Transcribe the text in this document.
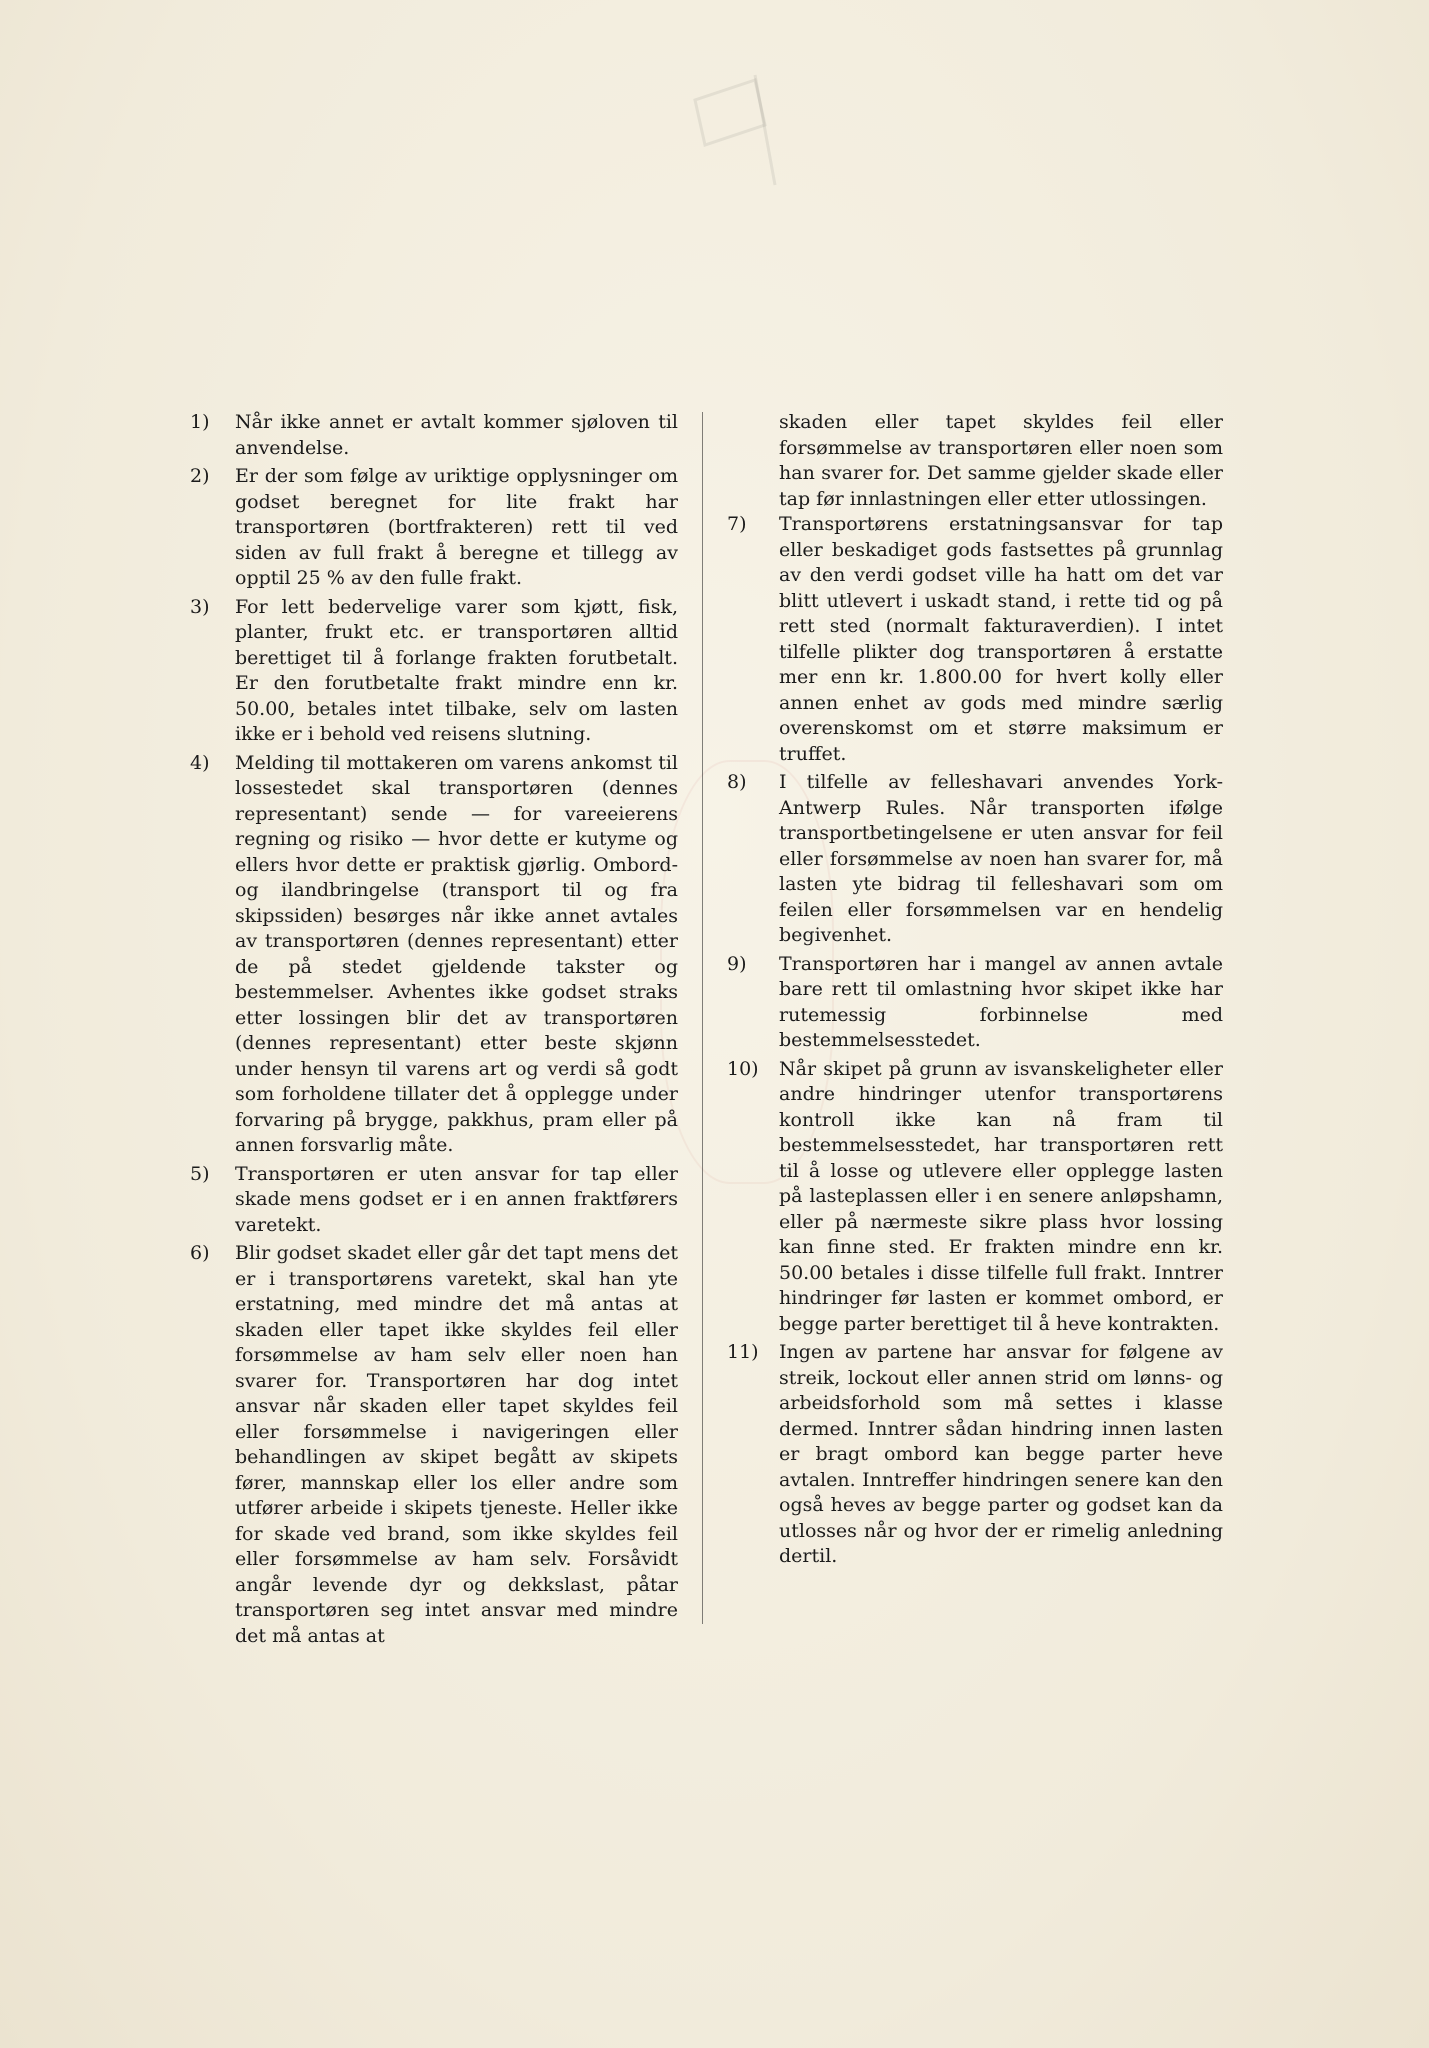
1)	Når ikke annet er avtalt kommer sjøloven til anvendelse.
2)	Er der som følge av uriktige opplysninger om godset beregnet for lite frakt har transportøren (bortfrakteren) rett til ved siden av full frakt å beregne et tillegg av opptil 25 % av den fulle frakt.
3)	For lett bedervelige varer som kjøtt, fisk, planter, frukt etc. er transportøren alltid berettiget til å forlange frakten forutbetalt. Er den forutbetalte frakt mindre enn kr. 50.00, betales intet tilbake, selv om lasten ikke er i behold ved reisens slutning.
4)	Melding til mottakeren om varens ankomst til lossestedet skal transportøren (dennes representant) sende — for vareeierens regning og risiko — hvor dette er kutyme og ellers hvor dette er praktisk gjørlig. Ombord- og ilandbringelse (transport til og fra skipssiden) besørges når ikke annet avtales av transportøren (dennes representant) etter de på stedet gjeldende takster og bestemmelser. Avhentes ikke godset straks etter lossingen blir det av transportøren (dennes representant) etter beste skjønn under hensyn til varens art og verdi så godt som forholdene tillater det å opplegge under forvaring på brygge, pakkhus, pram eller på annen forsvarlig måte.
5)	Transportøren er uten ansvar for tap eller skade mens godset er i en annen fraktførers varetekt.
6)	Blir godset skadet eller går det tapt mens det er i transportørens varetekt, skal han yte erstatning, med mindre det må antas at skaden eller tapet ikke skyldes feil eller forsømmelse av ham selv eller noen han svarer for. Transportøren har dog intet ansvar når skaden eller tapet skyldes feil eller forsømmelse i navigeringen eller behandlingen av skipet begått av skipets fører, mannskap eller los eller andre som utfører arbeide i skipets tjeneste. Heller ikke for skade ved brand, som ikke skyldes feil eller forsømmelse av ham selv. Forsåvidt angår levende dyr og dekkslast, påtar transportøren seg intet ansvar med mindre det må antas at
skaden eller tapet skyldes feil eller forsømmelse av transportøren eller noen som han svarer for. Det samme gjelder skade eller tap før innlastningen eller etter utlossingen.
7)	Transportørens erstatningsansvar for tap eller beskadiget gods fastsettes på grunnlag av den verdi godset ville ha hatt om det var blitt utlevert i uskadt stand, i rette tid og på rett sted (normalt fakturaverdien). I intet tilfelle plikter dog transportøren å erstatte mer enn kr. 1.800.00 for hvert kolly eller annen enhet av gods med mindre særlig overenskomst om et større maksimum er truffet.
8)	I tilfelle av felleshavari anvendes York-Antwerp Rules. Når transporten ifølge transportbetingelsene er uten ansvar for feil eller forsømmelse av noen han svarer for, må lasten yte bidrag til felleshavari som om feilen eller forsømmelsen var en hendelig begivenhet.
9)	Transportøren har i mangel av annen avtale bare rett til omlastning hvor skipet ikke har rutemessig forbinnelse med bestemmelsesstedet.
10)	Når skipet på grunn av isvanskeligheter eller andre hindringer utenfor transportørens kontroll ikke kan nå fram til bestemmelsesstedet, har transportøren rett til å losse og utlevere eller opplegge lasten på lasteplassen eller i en senere anløpshamn, eller på nærmeste sikre plass hvor lossing kan finne sted. Er frakten mindre enn kr. 50.00 betales i disse tilfelle full frakt. Inntrer hindringer før lasten er kommet ombord, er begge parter berettiget til å heve kontrakten.
11)	Ingen av partene har ansvar for følgene av streik, lockout eller annen strid om lønns- og arbeidsforhold som må settes i klasse dermed. Inntrer sådan hindring innen lasten er bragt ombord kan begge parter heve avtalen. Inntreffer hindringen senere kan den også heves av begge parter og godset kan da utlosses når og hvor der er rimelig anledning dertil.
